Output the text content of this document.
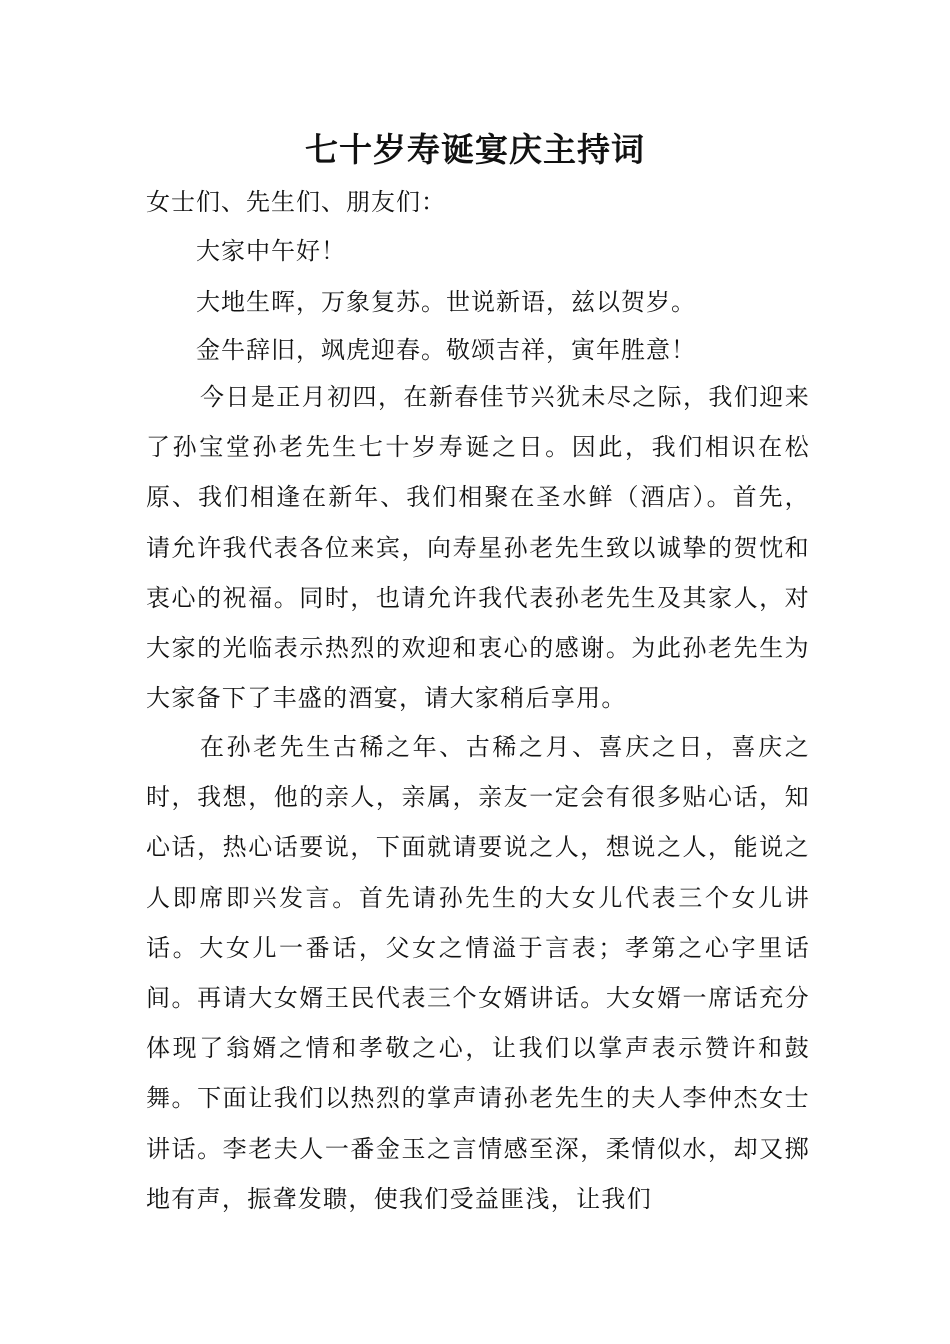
七十岁寿诞宴庆主持词
女士们、先生们、朋友们：
大家中午好！
大地生晖，万象复苏。世说新语，兹以贺岁。
金牛辞旧，飒虎迎春。敬颂吉祥，寅年胜意！
今日是正月初四，在新春佳节兴犹未尽之际，我们迎来了孙宝堂孙老先生七十岁寿诞之日。因此，我们相识在松原、我们相逢在新年、我们相聚在圣水鲜（酒店）。首先，请允许我代表各位来宾，向寿星孙老先生致以诚挚的贺忱和衷心的祝福。同时，也请允许我代表孙老先生及其家人，对大家的光临表示热烈的欢迎和衷心的感谢。为此孙老先生为大家备下了丰盛的酒宴，请大家稍后享用。
在孙老先生古稀之年、古稀之月、喜庆之日，喜庆之时，我想，他的亲人，亲属，亲友一定会有很多贴心话，知心话，热心话要说，下面就请要说之人，想说之人，能说之人即席即兴发言。首先请孙先生的大女儿代表三个女儿讲话。大女儿一番话，父女之情溢于言表；孝第之心字里话间。再请大女婿王民代表三个女婿讲话。大女婿一席话充分体现了翁婿之情和孝敬之心，让我们以掌声表示赞许和鼓舞。下面让我们以热烈的掌声请孙老先生的夫人李仲杰女士讲话。李老夫人一番金玉之言情感至深，柔情似水，却又掷地有声，振聋发聩，使我们受益匪浅，让我们
